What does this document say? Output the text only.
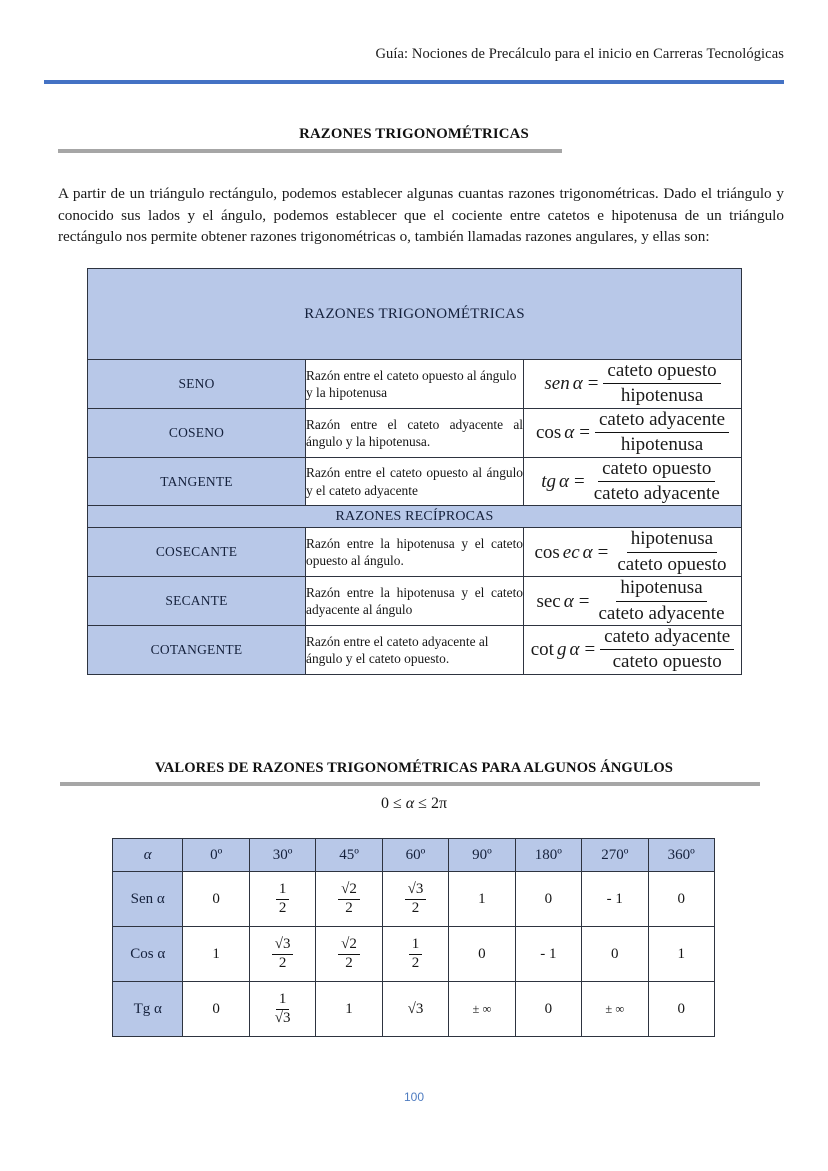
Guía: Nociones de Precálculo para el inicio en Carreras Tecnológicas
RAZONES TRIGONOMÉTRICAS

A partir de un triángulo rectángulo, podemos establecer algunas cuantas razones trigonométricas. Dado el triángulo y conocido sus lados y el ángulo, podemos establecer que el cociente entre catetos e hipotenusa de un triángulo rectángulo nos permite obtener razones trigonométricas o, también llamadas razones angulares, y ellas son:

RAZONES TRIGONOMÉTRICAS		
SENO	Razón entre el cateto opuesto al ángulo y la hipotenusa	sen $\alpha = \frac{\text{cateto opuesto}}{\text{hipotenusa}}$

COSENO	Razón entre el cateto adyacente al ángulo y la hipotenusa.	$\cos \alpha = \frac{\text{cateto adyacente}}{\text{hipotenusa}}$

TANGENTE	Razón entre el cateto opuesto al ángulo y el cateto adyacente	tg $\alpha = \frac{\text{cateto opuesto}}{\text{cateto adyacente}}$

RAZONES RECÍPROCAS		
COSECANTE	Razón entre la hipotenusa y el cateto opuesto al ángulo.	cos ec $\alpha = \frac{\text{hipotenusa}}{\text{cateto opuesto}}$

SECANTE	Razón entre la hipotenusa y el cateto adyacente al ángulo	$\sec \alpha = \frac{\text{hipotenusa}}{\text{cateto adyacente}}$

COTANGENTE	Razón entre el cateto adyacente al ángulo y el cateto opuesto.	cot g $\alpha = \frac{\text{cateto adyacente}}{\text{cateto opuesto}}$
VALORES DE RAZONES TRIGONOMÉTRICAS PARA ALGUNOS ÁNGULOS
0 ≤ α ≤ 2π
α	0º	30º	45º	60º	90º	180º	270º	360º
Sen α	0	$\frac{1}{2}$	$\frac{√2}{2}$	$\frac{√3}{2}$	1	0	- 1	0
Cos α	1	$\frac{√3}{2}$	$\frac{√2}{2}$	$\frac{1}{2}$	0	- 1	0	1
Tg α	0	$\frac{1}{√3}$	1	√3	± ∞	0	± ∞	0
100
